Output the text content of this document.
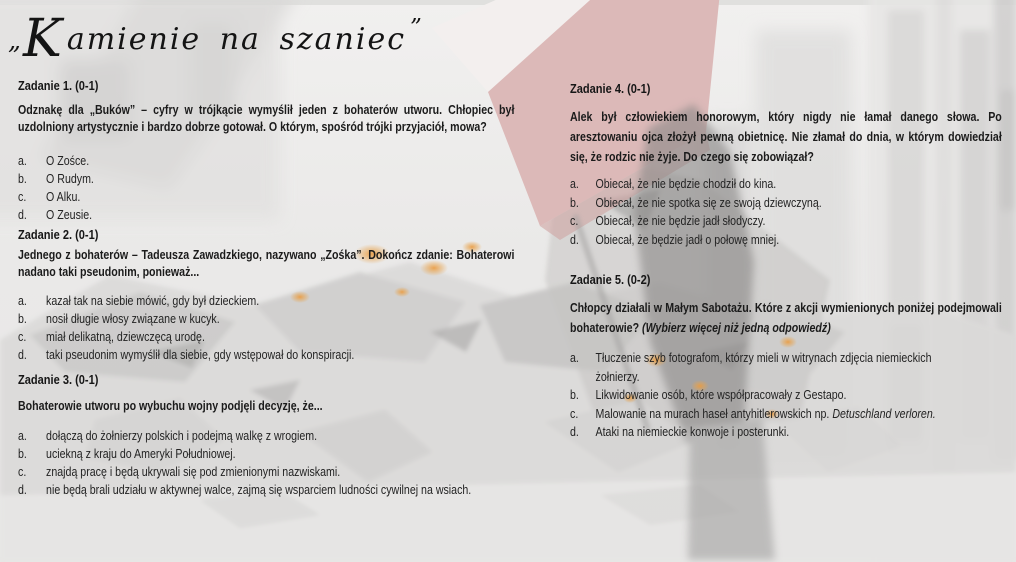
„K amienie na szaniec ”
Zadanie 1. (0-1)

Odznakę dla „Buków” – cyfry w trójkącie wymyślił jeden z bohaterów utworu. Chłopiec był uzdolniony artystycznie i bardzo dobrze gotował. O którym, spośród trójki przyjaciół, mowa?

a.	O Zośce.
b.	O Rudym.
c.	O Alku.
d.	O Zeusie.
Zadanie 2. (0-1)

Jednego z bohaterów – Tadeusza Zawadzkiego, nazywano „Zośka”. Dokończ zdanie: Bohaterowi nadano taki pseudonim, ponieważ...

a.	kazał tak na siebie mówić, gdy był dzieckiem.
b.	nosił długie włosy związane w kucyk.
c.	miał delikatną, dziewczęcą urodę.
d.	taki pseudonim wymyślił dla siebie, gdy wstępował do konspiracji.
Zadanie 3. (0-1)

Bohaterowie utworu po wybuchu wojny podjęli decyzję, że...

a.	dołączą do żołnierzy polskich i podejmą walkę z wrogiem.
b.	uciekną z kraju do Ameryki Południowej.
c.	znajdą pracę i będą ukrywali się pod zmienionymi nazwiskami.
d.	nie będą brali udziału w aktywnej walce, zajmą się wsparciem ludności cywilnej na wsiach.
Zadanie 4. (0-1)

Alek był człowiekiem honorowym, który nigdy nie łamał danego słowa. Po aresztowaniu ojca złożył pewną obietnicę. Nie złamał do dnia, w którym dowiedział się, że rodzic nie żyje. Do czego się zobowiązał?

a.	Obiecał, że nie będzie chodził do kina.
b.	Obiecał, że nie spotka się ze swoją dziewczyną.
c.	Obiecał, że nie będzie jadł słodyczy.
d.	Obiecał, że będzie jadł o połowę mniej.
Zadanie 5. (0-2)

Chłopcy działali w Małym Sabotażu. Które z akcji wymienionych poniżej podejmowali bohaterowie? (Wybierz więcej niż jedną odpowiedź)

a.	Tłuczenie szyb fotografom, którzy mieli w witrynach zdjęcia niemieckich żołnierzy.
b.	Likwidowanie osób, które współpracowały z Gestapo.
c.	Malowanie na murach haseł antyhitlerowskich np. Detuschland verloren.
d.	Ataki na niemieckie konwoje i posterunki.
